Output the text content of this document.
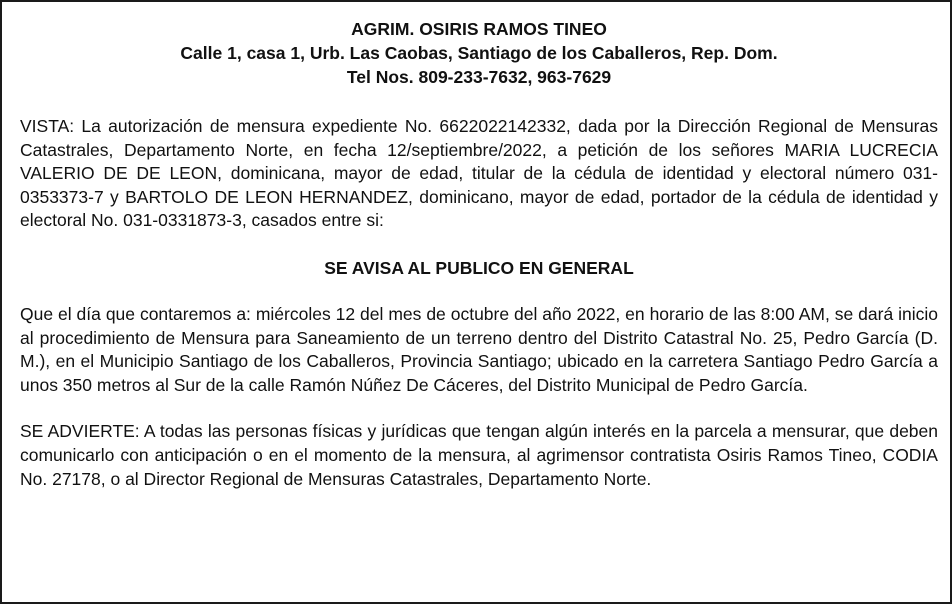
AGRIM. OSIRIS RAMOS TINEO

Calle 1, casa 1, Urb. Las Caobas, Santiago de los Caballeros, Rep. Dom.

Tel Nos. 809-233-7632, 963-7629

VISTA: La autorización de mensura expediente No. 6622022142332, dada por la Dirección Regional de Mensuras Catastrales, Departamento Norte, en fecha 12/septiembre/2022, a petición de los señores MARIA LUCRECIA VALERIO DE DE LEON, dominicana, mayor de edad, titular de la cédula de identidad y electoral número 031-0353373-7 y BARTOLO DE LEON HERNANDEZ, dominicano, mayor de edad, portador de la cédula de identidad y electoral No. 031-0331873-3, casados entre si:

SE AVISA AL PUBLICO EN GENERAL

Que el día que contaremos a: miércoles 12 del mes de octubre del año 2022, en horario de las 8:00 AM, se dará inicio al procedimiento de Mensura para Saneamiento de un terreno dentro del Distrito Catastral No. 25, Pedro García (D. M.), en el Municipio Santiago de los Caballeros, Provincia Santiago; ubicado en la carretera Santiago Pedro García a unos 350 metros al Sur de la calle Ramón Núñez De Cáceres, del Distrito Municipal de Pedro García.

SE ADVIERTE: A todas las personas físicas y jurídicas que tengan algún interés en la parcela a mensurar, que deben comunicarlo con anticipación o en el momento de la mensura, al agrimensor contratista Osiris Ramos Tineo, CODIA No. 27178, o al Director Regional de Mensuras Catastrales, Departamento Norte.
